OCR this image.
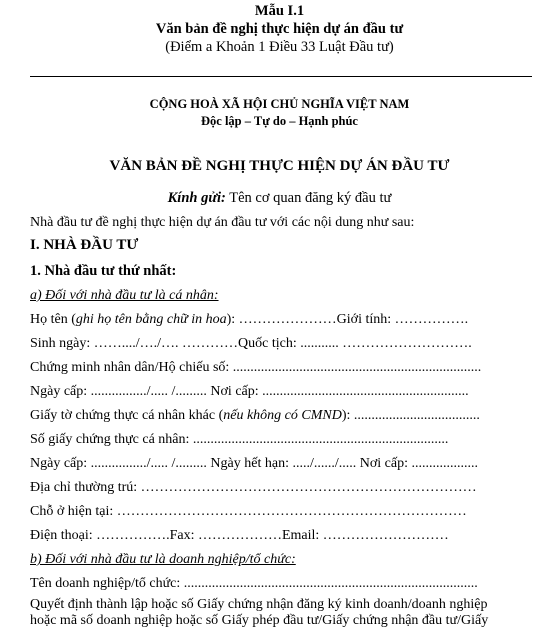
Mẫu I.1
Văn bản đề nghị thực hiện dự án đầu tư
(Điểm a Khoản 1 Điều 33 Luật Đầu tư)
CỘNG HOÀ XÃ HỘI CHỦ NGHĨA VIỆT NAM
Độc lập – Tự do – Hạnh phúc
VĂN BẢN ĐỀ NGHỊ THỰC HIỆN DỰ ÁN ĐẦU TƯ
Kính gửi: Tên cơ quan đăng ký đầu tư
Nhà đầu tư đề nghị thực hiện dự án đầu tư với các nội dung như sau:
I. NHÀ ĐẦU TƯ
1. Nhà đầu tư thứ nhất:
a) Đối với nhà đầu tư là cá nhân:
Họ tên (ghi họ tên bằng chữ in hoa): …………………Giới tính: …………….
Sinh ngày: ……..../…./…. …………Quốc tịch: ........... ……………………….
Chứng minh nhân dân/Hộ chiếu số: .......................................................................
Ngày cấp: ................/..... /......... Nơi cấp: ...........................................................
Giấy tờ chứng thực cá nhân khác (nếu không có CMND): ....................................
Số giấy chứng thực cá nhân: .........................................................................
Ngày cấp: ................/..... /......... Ngày hết hạn: ...../....../..... Nơi cấp: ...................
Địa chỉ thường trú: ………………………………………………………………
Chỗ ở hiện tại: …………………………………………………………………
Điện thoại: …………….Fax: ………………Email: ………………………
b) Đối với nhà đầu tư là doanh nghiệp/tổ chức:
Tên doanh nghiệp/tổ chức: ....................................................................................
Quyết định thành lập hoặc số Giấy chứng nhận đăng ký kinh doanh/doanh nghiệp
hoặc mã số doanh nghiệp hoặc số Giấy phép đầu tư/Giấy chứng nhận đầu tư/Giấy
